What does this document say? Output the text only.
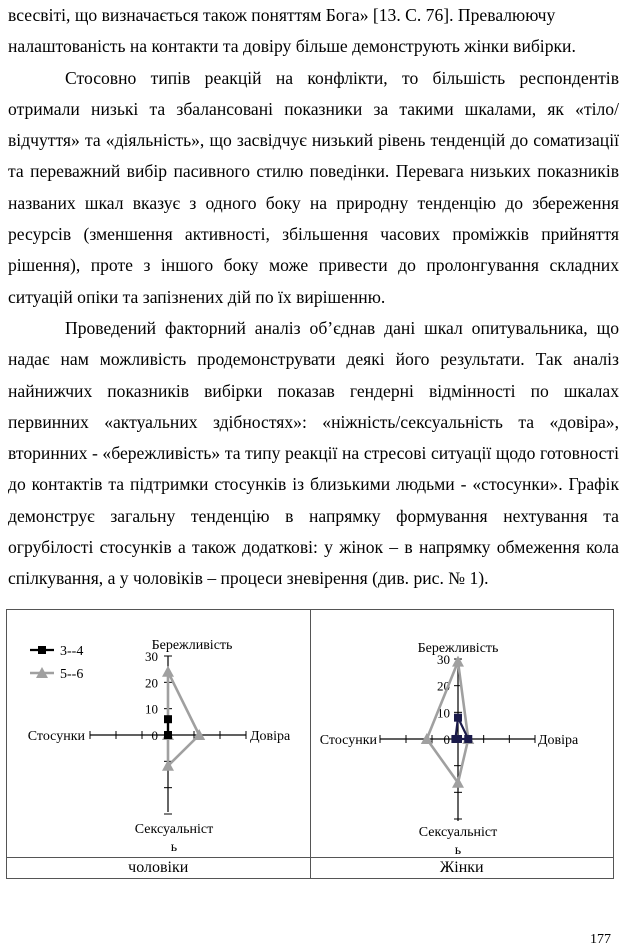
всесвіті, що визначається також поняттям Бога» [13. С. 76]. Превалюючу
налаштованість на контакти та довіру більше демонструють жінки вибірки.

Стосовно типів реакцій на конфлікти, то більшість респондентів отримали низькі та збалансовані показники за такими шкалами, як «тіло/відчуття» та «діяльність», що засвідчує низький рівень тенденцій до соматизації та переважний вибір пасивного стилю поведінки. Перевага низьких показників названих шкал вказує з одного боку на природну тенденцію до збереження ресурсів (зменшення активності, збільшення часових проміжків прийняття рішення), проте з іншого боку може привести до пролонгування складних ситуацій опіки та запізнених дій по їх вирішенню.

Проведений факторний аналіз об’єднав дані шкал опитувальника, що надає нам можливість продемонструвати деякі його результати. Так аналіз найнижчих показників вибірки показав гендерні відмінності по шкалах первинних «актуальних здібностях»: «ніжність/сексуальність та «довіра», вторинних - «бережливість» та типу реакції на стресові ситуації щодо готовності до контактів та підтримки стосунків із близькими людьми - «стосунки». Графік демонструє загальну тенденцію в напрямку формування нехтування та огрубілості стосунків а також додаткові: у жінок – в напрямку обмеження кола спілкування, а у чоловіків – процеси зневірення (див. рис. № 1).

чоловіки	Жінки
0
10
20
30
Бережливість
Довіра
Сексуальніст
ь
Стосунки
3--4
5--6
0
10
20
30
Бережливість
Довіра
Сексуальніст
ь
Стосунки
177
